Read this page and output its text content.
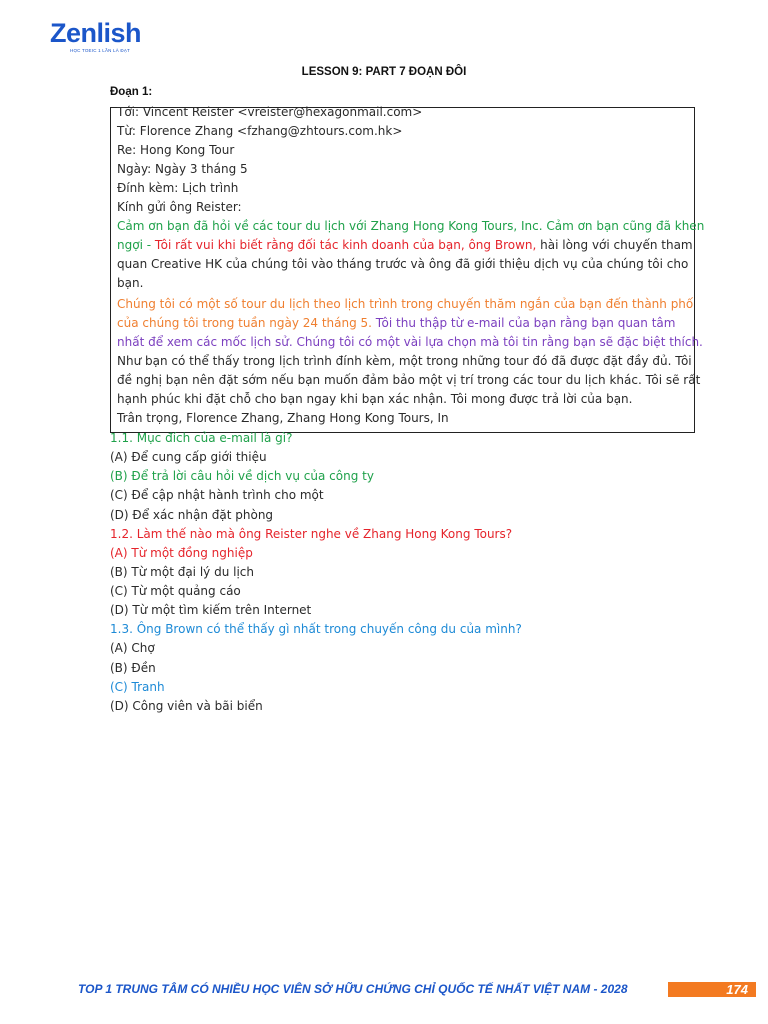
Zenlish
HỌC TOEIC 1 LẦN LÀ ĐẠT
LESSON 9: PART 7 ĐOẠN ĐÔI
Đoạn 1:
Tới: Vincent Reister <vreister@hexagonmail.com>
Từ: Florence Zhang <fzhang@zhtours.com.hk>
Re: Hong Kong Tour
Ngày: Ngày 3 tháng 5
Đính kèm: Lịch trình
Kính gửi ông Reister:
Cảm ơn bạn đã hỏi về các tour du lịch với Zhang Hong Kong Tours, Inc. Cảm ơn bạn cũng đã khen
ngợi - Tôi rất vui khi biết rằng đối tác kinh doanh của bạn, ông Brown, hài lòng với chuyến tham
quan Creative HK của chúng tôi vào tháng trước và ông đã giới thiệu dịch vụ của chúng tôi cho
bạn.
Chúng tôi có một số tour du lịch theo lịch trình trong chuyến thăm ngắn của bạn đến thành phố
của chúng tôi trong tuần ngày 24 tháng 5. Tôi thu thập từ e-mail của bạn rằng bạn quan tâm
nhất để xem các mốc lịch sử. Chúng tôi có một vài lựa chọn mà tôi tin rằng bạn sẽ đặc biệt thích.
Như bạn có thể thấy trong lịch trình đính kèm, một trong những tour đó đã được đặt đầy đủ. Tôi
đề nghị bạn nên đặt sớm nếu bạn muốn đảm bảo một vị trí trong các tour du lịch khác. Tôi sẽ rất
hạnh phúc khi đặt chỗ cho bạn ngay khi bạn xác nhận. Tôi mong được trả lời của bạn.
Trân trọng, Florence Zhang, Zhang Hong Kong Tours, In
1.1. Mục đích của e-mail là gì?
(A) Để cung cấp giới thiệu
(B) Để trả lời câu hỏi về dịch vụ của công ty
(C) Để cập nhật hành trình cho một
(D) Để xác nhận đặt phòng
1.2. Làm thế nào mà ông Reister nghe về Zhang Hong Kong Tours?
(A) Từ một đồng nghiệp
(B) Từ một đại lý du lịch
(C) Từ một quảng cáo
(D) Từ một tìm kiếm trên Internet
1.3. Ông Brown có thể thấy gì nhất trong chuyến công du của mình?
(A) Chợ
(B) Đền
(C) Tranh
(D) Công viên và bãi biển
TOP 1 TRUNG TÂM CÓ NHIỀU HỌC VIÊN SỞ HỮU CHỨNG CHỈ QUỐC TẾ NHẤT VIỆT NAM - 2028	174
